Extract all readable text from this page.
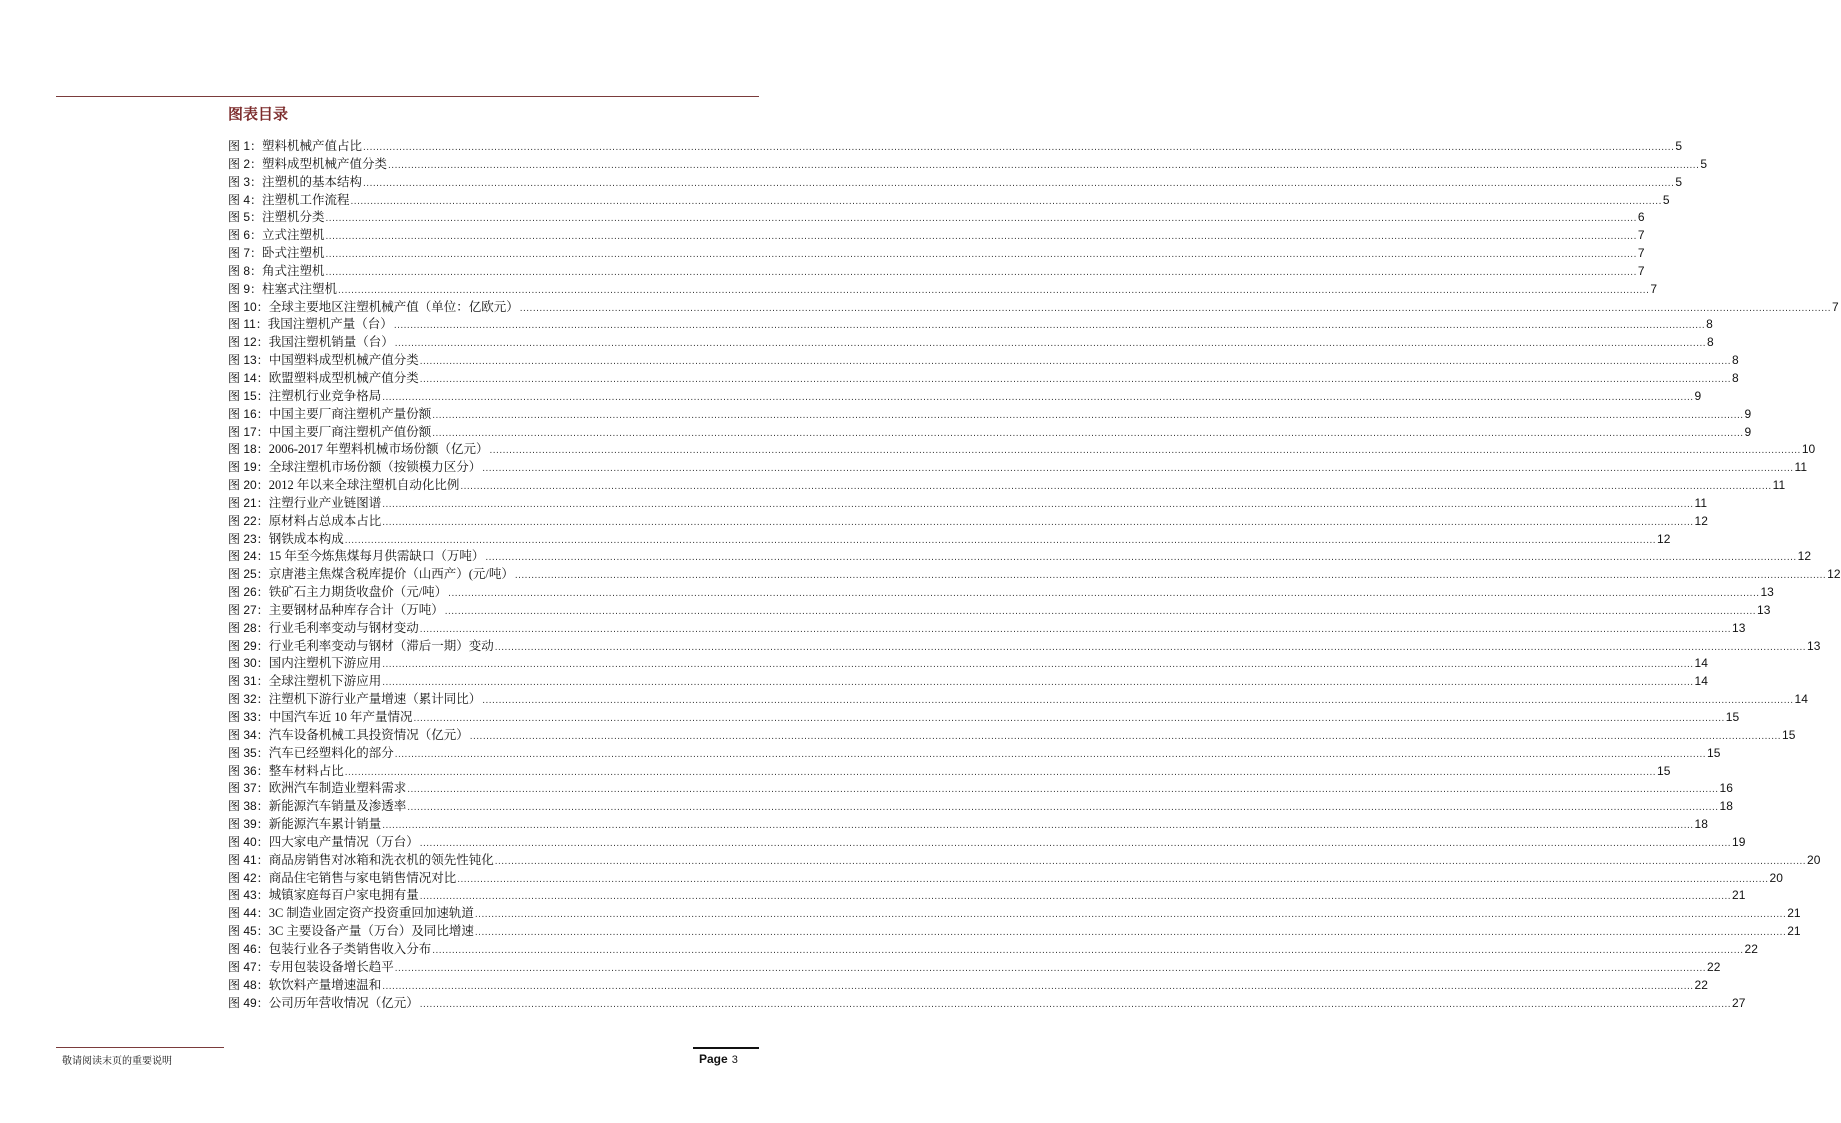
图表目录
图 1： 塑料机械产值占比 ................................................................................................................................................................................................................................................................................................................................................................................................................ 5
图 2： 塑料成型机械产值分类 ................................................................................................................................................................................................................................................................................................................................................................................................................ 5
图 3： 注塑机的基本结构 ................................................................................................................................................................................................................................................................................................................................................................................................................ 5
图 4： 注塑机工作流程 ................................................................................................................................................................................................................................................................................................................................................................................................................ 5
图 5： 注塑机分类 ................................................................................................................................................................................................................................................................................................................................................................................................................ 6
图 6： 立式注塑机 ................................................................................................................................................................................................................................................................................................................................................................................................................ 7
图 7： 卧式注塑机 ................................................................................................................................................................................................................................................................................................................................................................................................................ 7
图 8： 角式注塑机 ................................................................................................................................................................................................................................................................................................................................................................................................................ 7
图 9： 柱塞式注塑机 ................................................................................................................................................................................................................................................................................................................................................................................................................ 7
图 10： 全球主要地区注塑机械产值（单位：亿欧元） ................................................................................................................................................................................................................................................................................................................................................................................................................ 7
图 11： 我国注塑机产量（台） ................................................................................................................................................................................................................................................................................................................................................................................................................ 8
图 12： 我国注塑机销量（台） ................................................................................................................................................................................................................................................................................................................................................................................................................ 8
图 13： 中国塑料成型机械产值分类 ................................................................................................................................................................................................................................................................................................................................................................................................................ 8
图 14： 欧盟塑料成型机械产值分类 ................................................................................................................................................................................................................................................................................................................................................................................................................ 8
图 15： 注塑机行业竞争格局 ................................................................................................................................................................................................................................................................................................................................................................................................................ 9
图 16： 中国主要厂商注塑机产量份额 ................................................................................................................................................................................................................................................................................................................................................................................................................ 9
图 17： 中国主要厂商注塑机产值份额 ................................................................................................................................................................................................................................................................................................................................................................................................................ 9
图 18： 2006-2017 年塑料机械市场份额（亿元） ................................................................................................................................................................................................................................................................................................................................................................................................................ 10
图 19： 全球注塑机市场份额（按锁模力区分） ................................................................................................................................................................................................................................................................................................................................................................................................................ 11
图 20： 2012 年以来全球注塑机自动化比例 ................................................................................................................................................................................................................................................................................................................................................................................................................ 11
图 21： 注塑行业产业链图谱 ................................................................................................................................................................................................................................................................................................................................................................................................................ 11
图 22： 原材料占总成本占比 ................................................................................................................................................................................................................................................................................................................................................................................................................ 12
图 23： 钢铁成本构成 ................................................................................................................................................................................................................................................................................................................................................................................................................ 12
图 24： 15 年至今炼焦煤每月供需缺口（万吨） ................................................................................................................................................................................................................................................................................................................................................................................................................ 12
图 25： 京唐港主焦煤含税库提价（山西产）(元/吨） ................................................................................................................................................................................................................................................................................................................................................................................................................ 12
图 26： 铁矿石主力期货收盘价（元/吨） ................................................................................................................................................................................................................................................................................................................................................................................................................ 13
图 27： 主要钢材品种库存合计（万吨） ................................................................................................................................................................................................................................................................................................................................................................................................................ 13
图 28： 行业毛利率变动与钢材变动 ................................................................................................................................................................................................................................................................................................................................................................................................................ 13
图 29： 行业毛利率变动与钢材（滞后一期）变动 ................................................................................................................................................................................................................................................................................................................................................................................................................ 13
图 30： 国内注塑机下游应用 ................................................................................................................................................................................................................................................................................................................................................................................................................ 14
图 31： 全球注塑机下游应用 ................................................................................................................................................................................................................................................................................................................................................................................................................ 14
图 32： 注塑机下游行业产量增速（累计同比） ................................................................................................................................................................................................................................................................................................................................................................................................................ 14
图 33： 中国汽车近 10 年产量情况 ................................................................................................................................................................................................................................................................................................................................................................................................................ 15
图 34： 汽车设备机械工具投资情况（亿元） ................................................................................................................................................................................................................................................................................................................................................................................................................ 15
图 35： 汽车已经塑料化的部分 ................................................................................................................................................................................................................................................................................................................................................................................................................ 15
图 36： 整车材料占比 ................................................................................................................................................................................................................................................................................................................................................................................................................ 15
图 37： 欧洲汽车制造业塑料需求 ................................................................................................................................................................................................................................................................................................................................................................................................................ 16
图 38： 新能源汽车销量及渗透率 ................................................................................................................................................................................................................................................................................................................................................................................................................ 18
图 39： 新能源汽车累计销量 ................................................................................................................................................................................................................................................................................................................................................................................................................ 18
图 40： 四大家电产量情况（万台） ................................................................................................................................................................................................................................................................................................................................................................................................................ 19
图 41： 商品房销售对冰箱和洗衣机的领先性钝化 ................................................................................................................................................................................................................................................................................................................................................................................................................ 20
图 42： 商品住宅销售与家电销售情况对比 ................................................................................................................................................................................................................................................................................................................................................................................................................ 20
图 43： 城镇家庭每百户家电拥有量 ................................................................................................................................................................................................................................................................................................................................................................................................................ 21
图 44： 3C 制造业固定资产投资重回加速轨道 ................................................................................................................................................................................................................................................................................................................................................................................................................ 21
图 45： 3C 主要设备产量（万台）及同比增速 ................................................................................................................................................................................................................................................................................................................................................................................................................ 21
图 46： 包装行业各子类销售收入分布 ................................................................................................................................................................................................................................................................................................................................................................................................................ 22
图 47： 专用包装设备增长趋平 ................................................................................................................................................................................................................................................................................................................................................................................................................ 22
图 48： 软饮料产量增速温和 ................................................................................................................................................................................................................................................................................................................................................................................................................ 22
图 49： 公司历年营收情况（亿元） ................................................................................................................................................................................................................................................................................................................................................................................................................ 27
敬请阅读末页的重要说明	Page 3
